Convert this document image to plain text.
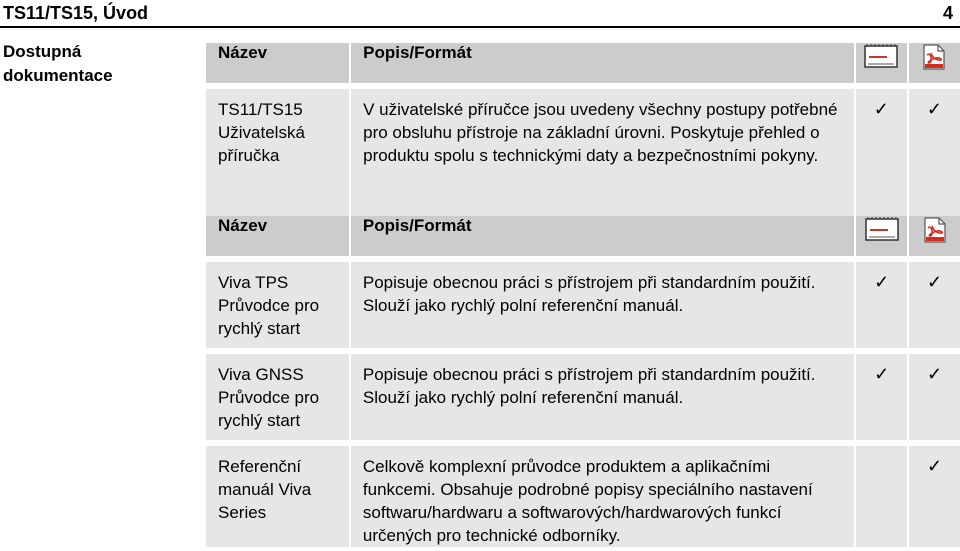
TS11/TS15, Úvod	4
Dostupná dokumentace
Název		Popis/Formát				

TS11/TS15 Uživatelská příručka		V uživatelské příručce jsou uvedeny všechny postupy potřebné pro obsluhu přístroje na základní úrovni. Poskytuje přehled o produktu spolu s technickými daty a bezpečnostními pokyny.		✓		✓
Název		Popis/Formát				

Viva TPS Průvodce pro rychlý start		Popisuje obecnou práci s přístrojem při standardním použití. Slouží jako rychlý polní referenční manuál.		✓		✓

Viva GNSS Průvodce pro rychlý start		Popisuje obecnou práci s přístrojem při standardním použití. Slouží jako rychlý polní referenční manuál.		✓		✓

Referenční manuál Viva Series		Celkově komplexní průvodce produktem a aplikačními funkcemi. Obsahuje podrobné popisy speciálního nastavení softwaru/hardwaru a softwarových/hardwarových funkcí určených pro technické odborníky.				✓
